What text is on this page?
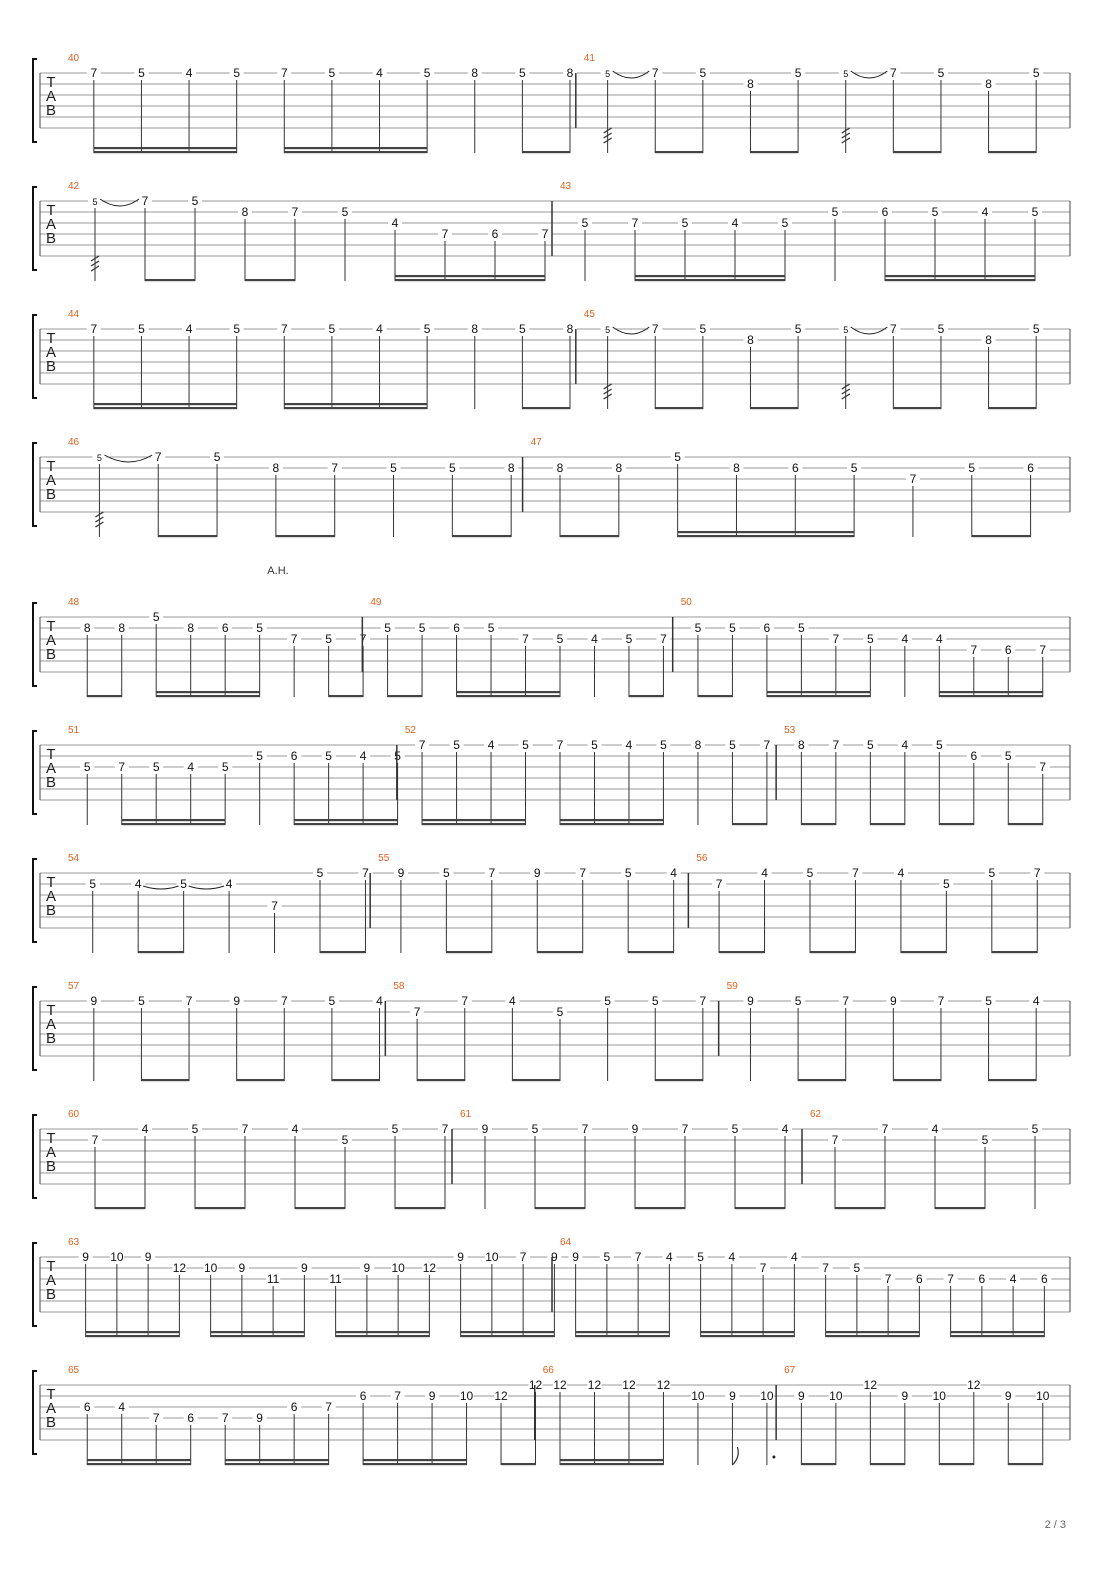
T
A
B
40
7	5	4	5	7	5	4	5	8	5	8
41
5	7	5
8
5	5	7	5
8
5
T
A
B
42
5	7	5
8	7	5
4
7	6	7
43
5	7	5	4	5
5	6	5	4	5
T
A
B
44
7	5	4	5	7	5	4	5	8	5	8
45
5	7	5
8
5	5	7	5
8
5
T
A
B
46
5	7	5
8	7	5	5	8
47
8	8
5
8	6	5
7
5	6
T
A
B
A.H.
48
8 8
5
8 6 5
7 5 7
49
5 5 6 5
7 5 4 5 7
50
5 5 6 5
7 5 4 4
7 6 7
T
A
B
51
5 7 5 4 5
5 6 5 4 5
52
7 5 4 5 7 5 4 5 8 5 7
53
8 7 5 4 5
6 5
7
T
A
B
54
5	4	5	4
7
5	7
55
9	5	7	9	7	5	4
56
7
4	5	7	4
5
5	7
T
A
B
57
9	5	7	9	7	5	4
58
7
7	4
5
5	5	7
59
9	5	7	9	7	5	4
T
A
B
60
7
4	5	7	4
5
5	7
61
9	5	7	9	7	5	4
62
7
7	4
5
5
T
A
B
63
9 10 9
12 10 9
11
9
11
9 10 12
9 10 7 9
64
9 5 7 4 5 4
7
4
7 5
7 6 7 6 4 6
T
A
B
65
6 4
7 6 7 9
6 7
6 7 9 10 12
12
66
12 12 12 12
10 9 10
67
9 10
12
9 10
12
9 10
2 / 3
